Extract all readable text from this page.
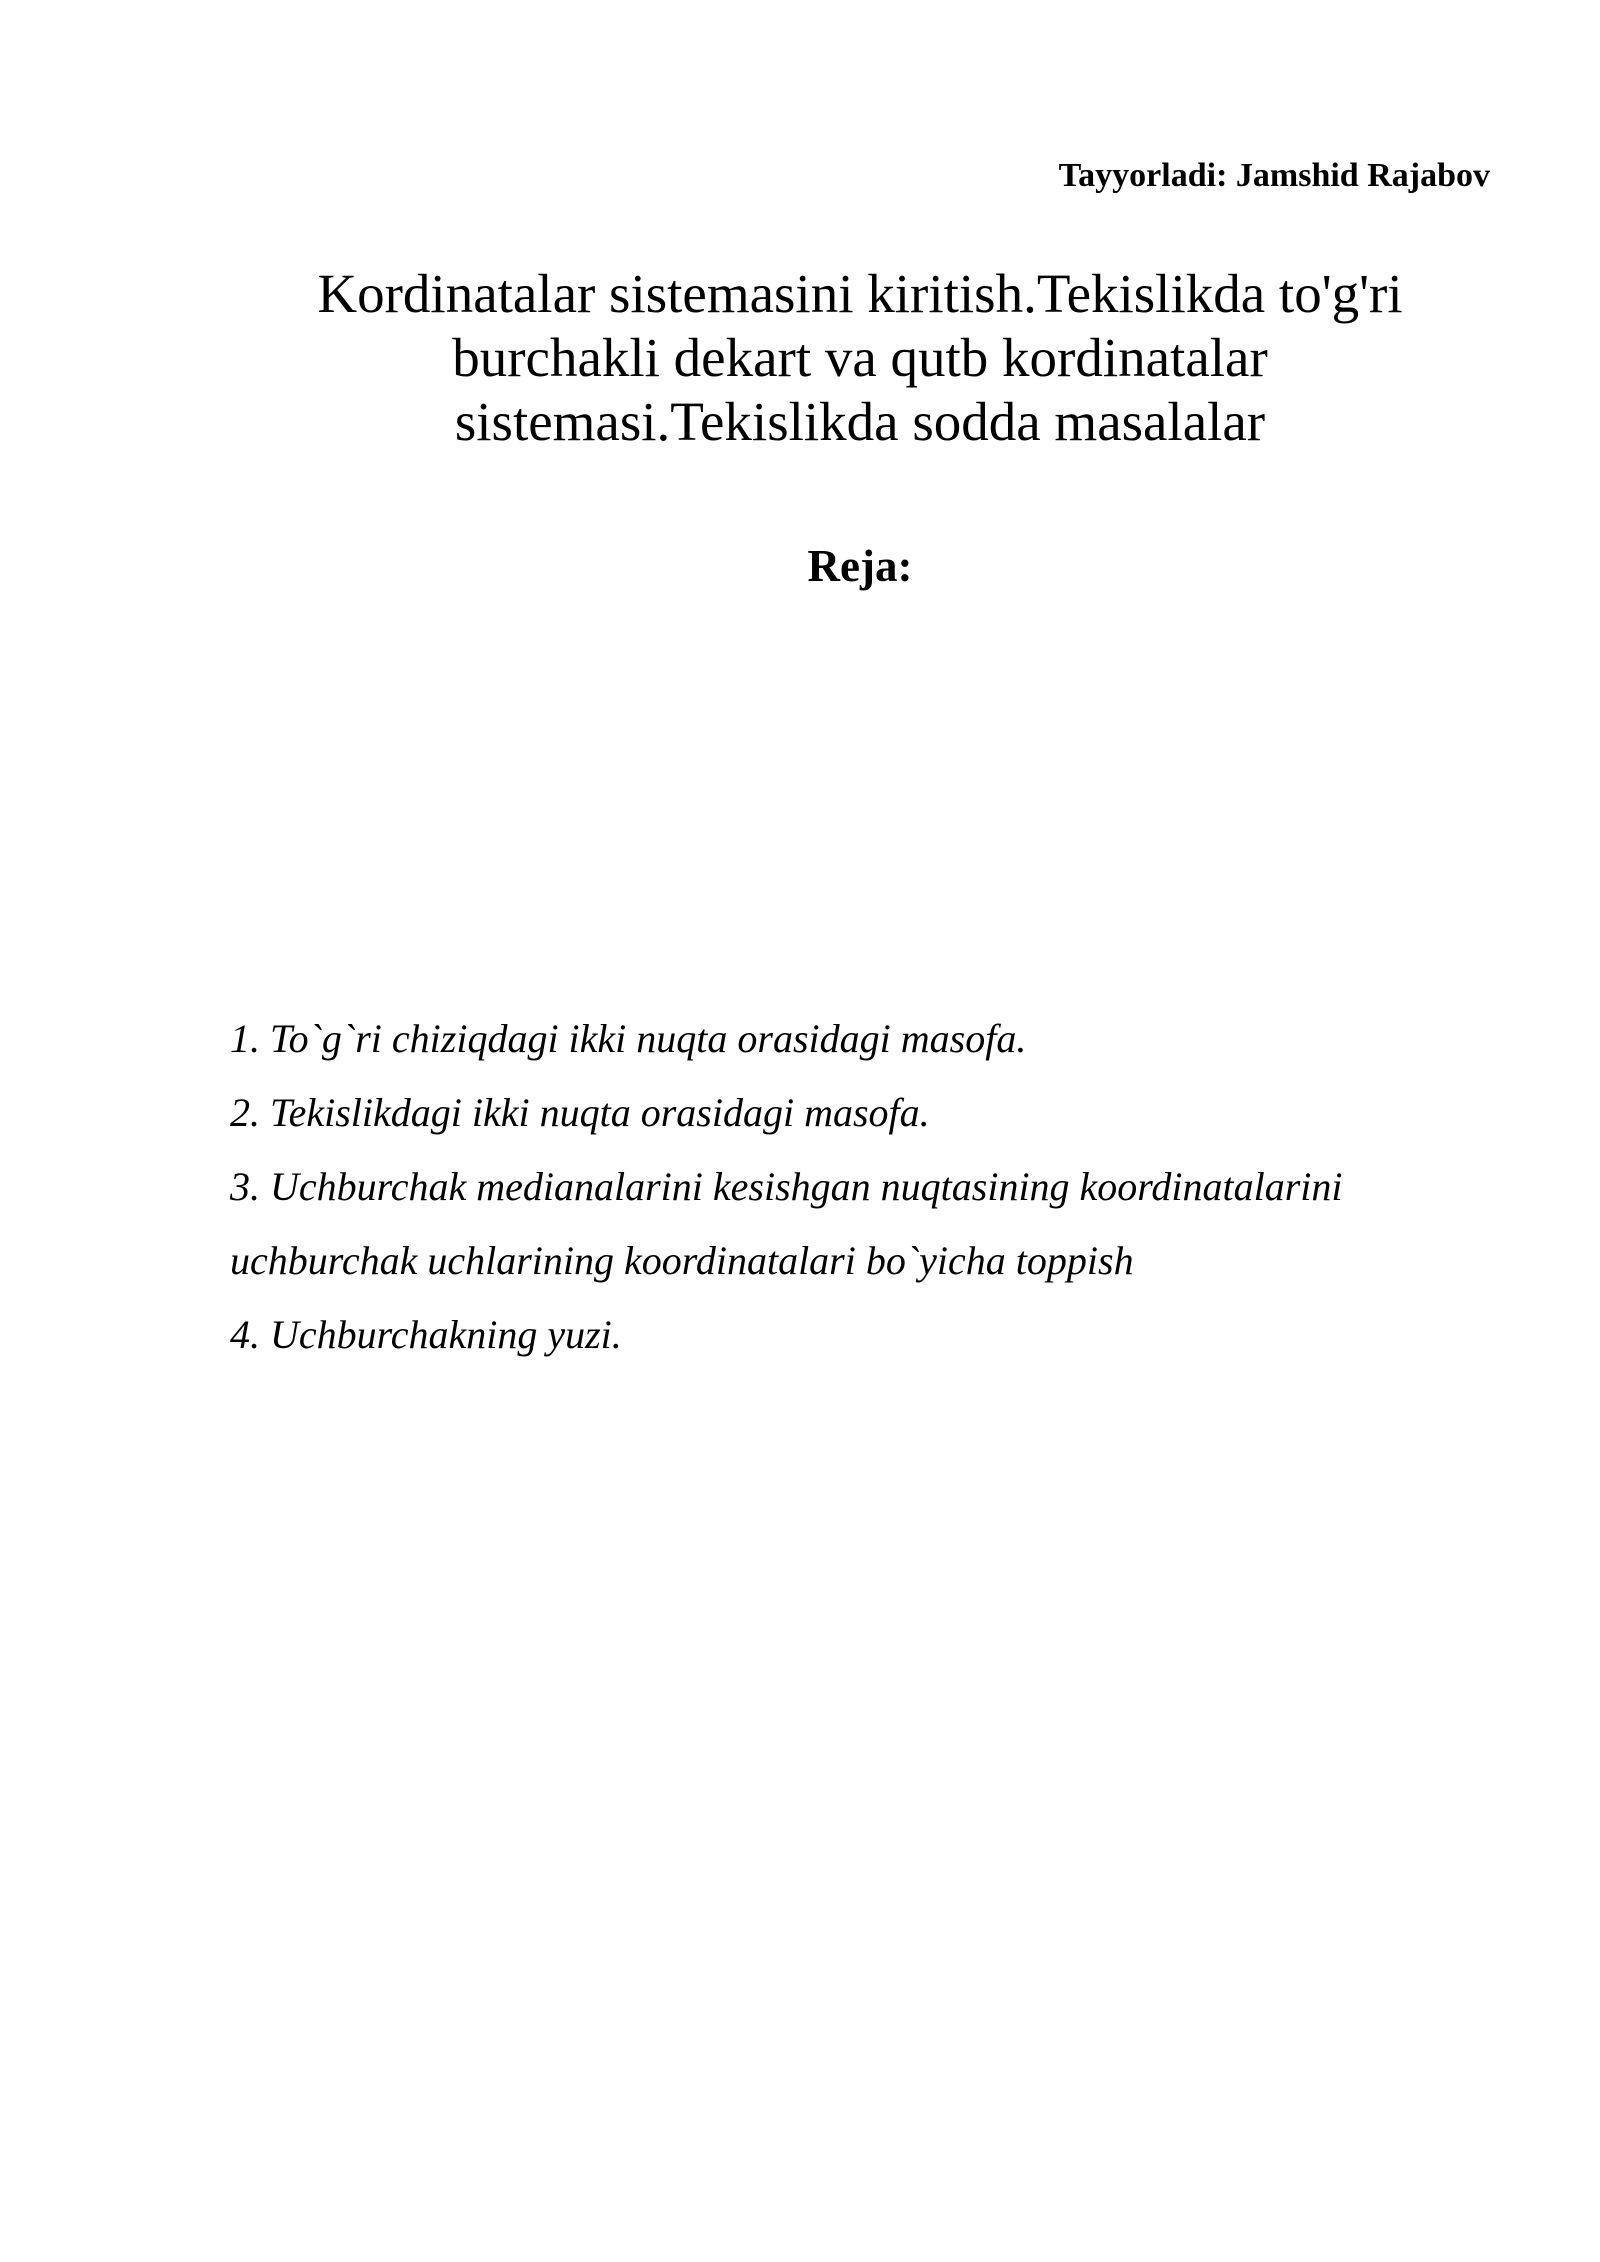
Tayyorladi: Jamshid Rajabov
Kordinatalar sistemasini kiritish.Tekislikda to'g'ri
burchakli dekart va qutb kordinatalar
sistemasi.Tekislikda sodda masalalar
Reja:
1. To`g`ri chiziqdagi ikki nuqta orasidagi masofa.
2. Tekislikdagi ikki nuqta orasidagi masofa.
3. Uchburchak medianalarini kesishgan nuqtasining koordinatalarini
uchburchak uchlarining koordinatalari bo`yicha toppish
4. Uchburchakning yuzi.
